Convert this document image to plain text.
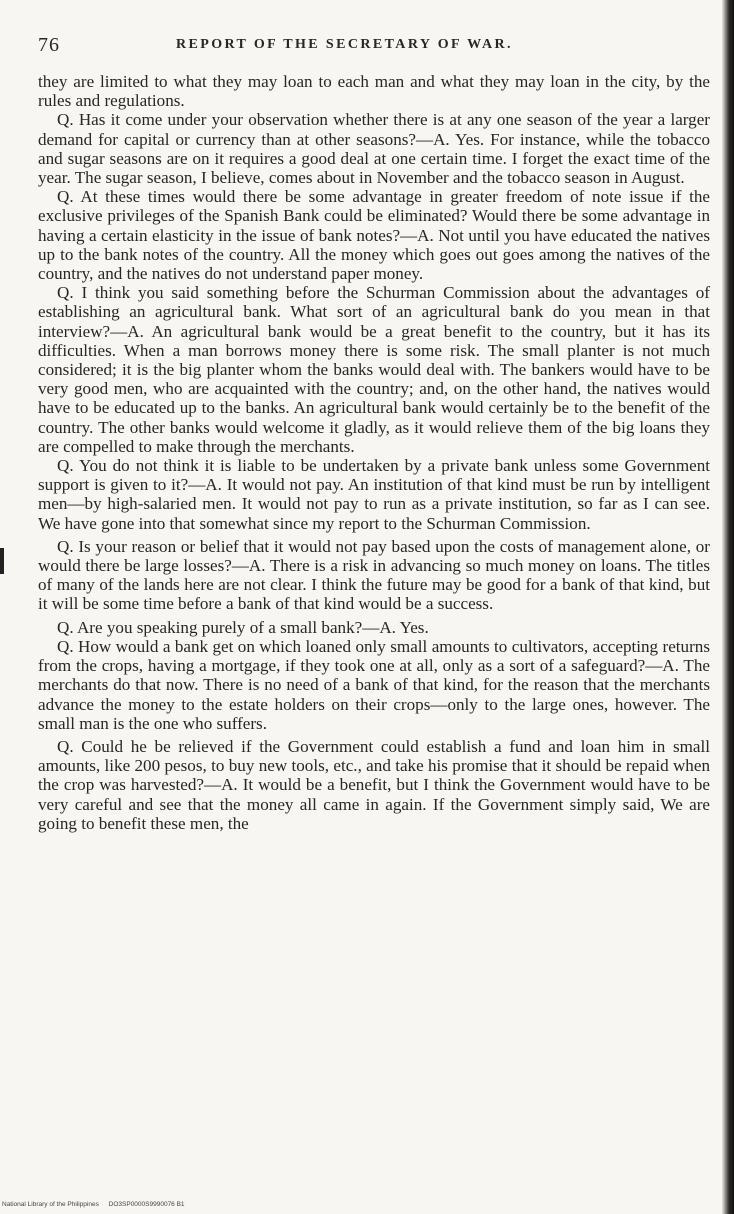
76	REPORT OF THE SECRETARY OF WAR.

they are limited to what they may loan to each man and what they may loan in the city, by the rules and regulations.

Q. Has it come under your observation whether there is at any one season of the year a larger demand for capital or currency than at other seasons?—A. Yes. For instance, while the tobacco and sugar seasons are on it requires a good deal at one certain time. I forget the exact time of the year. The sugar season, I believe, comes about in November and the tobacco season in August.

Q. At these times would there be some advantage in greater freedom of note issue if the exclusive privileges of the Spanish Bank could be eliminated? Would there be some advantage in having a certain elasticity in the issue of bank notes?—A. Not until you have educated the natives up to the bank notes of the country. All the money which goes out goes among the natives of the country, and the natives do not understand paper money.

Q. I think you said something before the Schurman Commission about the advantages of establishing an agricultural bank. What sort of an agricultural bank do you mean in that interview?—A. An agricultural bank would be a great benefit to the country, but it has its difficulties. When a man borrows money there is some risk. The small planter is not much considered; it is the big planter whom the banks would deal with. The bankers would have to be very good men, who are acquainted with the country; and, on the other hand, the natives would have to be educated up to the banks. An agricultural bank would certainly be to the benefit of the country. The other banks would welcome it gladly, as it would relieve them of the big loans they are compelled to make through the merchants.

Q. You do not think it is liable to be undertaken by a private bank unless some Government support is given to it?—A. It would not pay. An institution of that kind must be run by intelligent men—by high-salaried men. It would not pay to run as a private institution, so far as I can see. We have gone into that somewhat since my report to the Schurman Commission.

Q. Is your reason or belief that it would not pay based upon the costs of management alone, or would there be large losses?—A. There is a risk in advancing so much money on loans. The titles of many of the lands here are not clear. I think the future may be good for a bank of that kind, but it will be some time before a bank of that kind would be a success.

Q. Are you speaking purely of a small bank?—A. Yes.

Q. How would a bank get on which loaned only small amounts to cultivators, accepting returns from the crops, having a mortgage, if they took one at all, only as a sort of a safeguard?—A. The merchants do that now. There is no need of a bank of that kind, for the reason that the merchants advance the money to the estate holders on their crops—only to the large ones, however. The small man is the one who suffers.

Q. Could he be relieved if the Government could establish a fund and loan him in small amounts, like 200 pesos, to buy new tools, etc., and take his promise that it should be repaid when the crop was harvested?—A. It would be a benefit, but I think the Government would have to be very careful and see that the money all came in again. If the Government simply said, We are going to benefit these men, the

National Library of the Philippines DO3SP0000S9990076 B1
